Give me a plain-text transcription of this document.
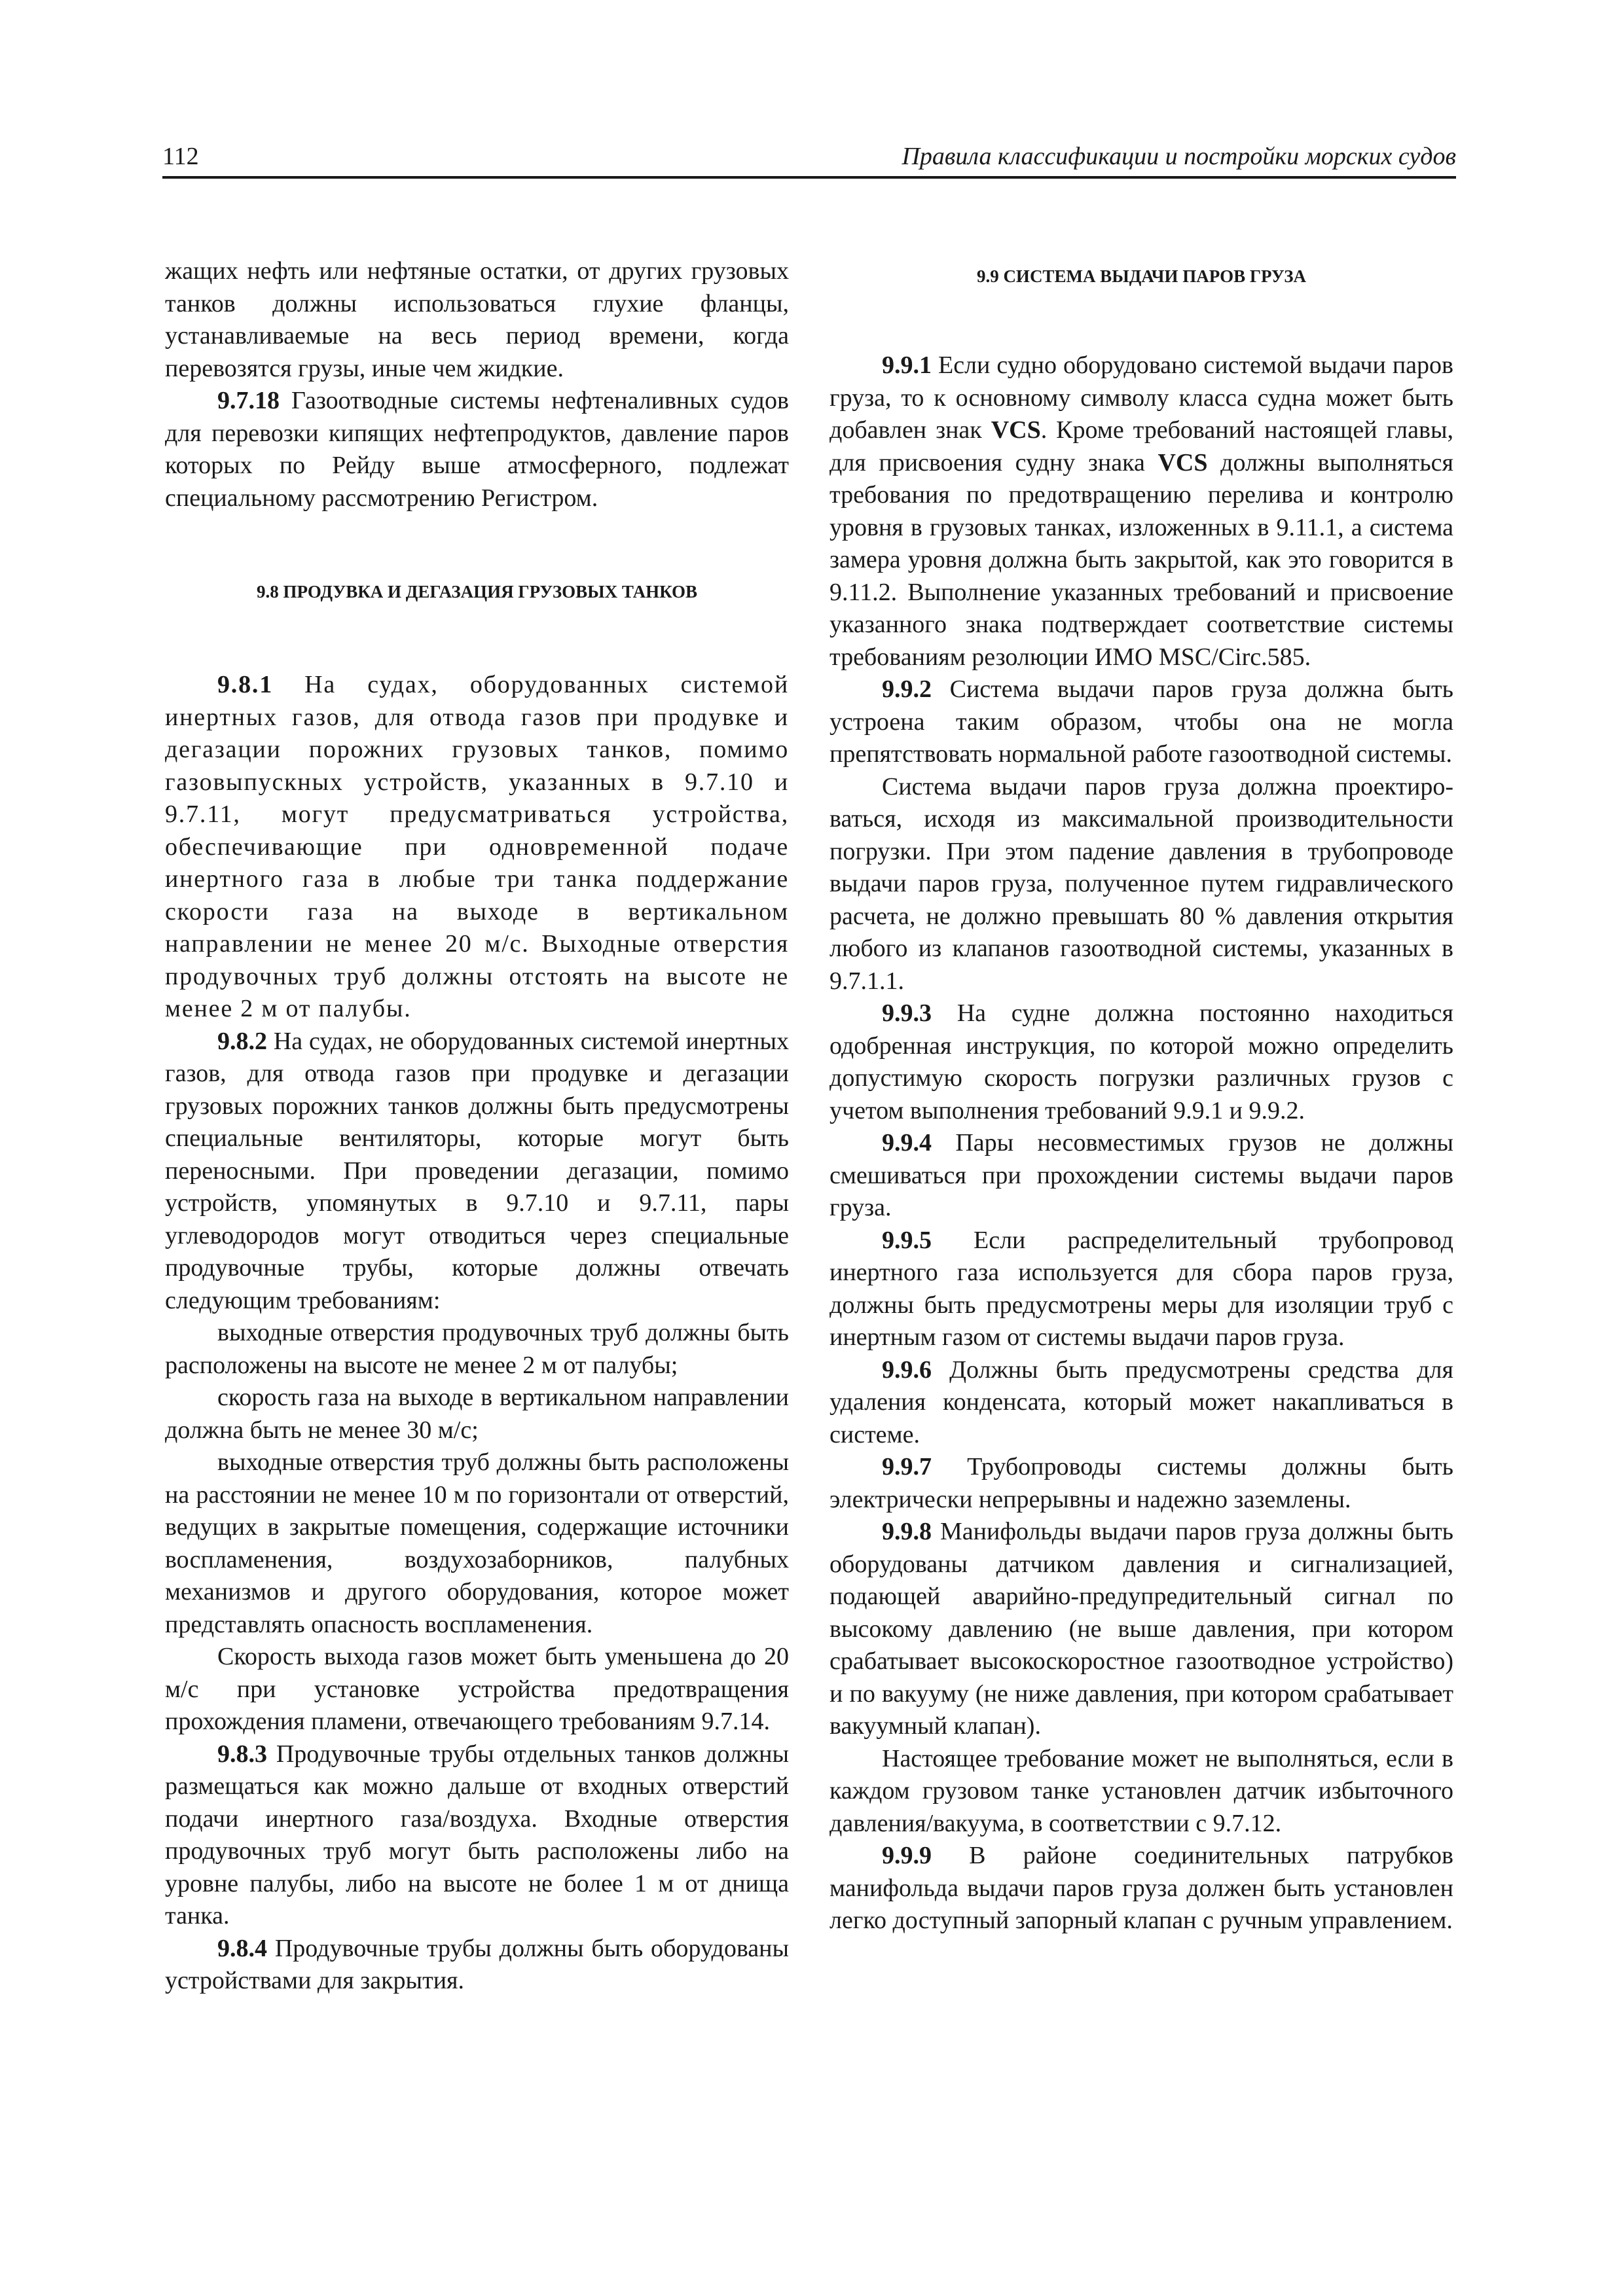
112	Правила классификации и постройки морских судов

жащих нефть или нефтяные остатки, от других грузовых танков должны использоваться глухие фланцы, устанавливаемые на весь период времени, когда перевозятся грузы, иные чем жидкие.

9.7.18 Газоотводные системы нефтеналивных судов для перевозки кипящих нефтепродуктов, давление паров которых по Рейду выше атмосферного, подлежат специальному рассмотрению Регистром.

9.8 ПРОДУВКА И ДЕГАЗАЦИЯ ГРУЗОВЫХ ТАНКОВ

9.8.1 На судах, оборудованных системой инертных газов, для отвода газов при продувке и дегазации порожних грузовых танков, помимо газовыпускных устройств, указанных в 9.7.10 и 9.7.11, могут предусматриваться устройства, обеспечивающие при одновременной подаче инертного газа в любые три танка поддержание скорости газа на выходе в вертикальном направлении не менее 20 м/с. Выходные отверстия продувочных труб должны отстоять на высоте не менее 2 м от палубы.

9.8.2 На судах, не оборудованных системой инертных газов, для отвода газов при продувке и дегазации грузовых порожних танков должны быть предусмотрены специальные вентиляторы, которые могут быть переносными. При проведении дегазации, помимо устройств, упомянутых в 9.7.10 и 9.7.11, пары углеводородов могут отводиться через специальные продувочные трубы, которые должны отвечать следующим требованиям:

выходные отверстия продувочных труб должны быть расположены на высоте не менее 2 м от палубы;

скорость газа на выходе в вертикальном направлении должна быть не менее 30 м/с;

выходные отверстия труб должны быть расположены на расстоянии не менее 10 м по горизонтали от отверстий, ведущих в закрытые помещения, содержащие источники воспламенения, воздухозаборников, палубных механизмов и другого оборудования, которое может представлять опасность воспламенения.

Скорость выхода газов может быть уменьшена до 20 м/с при установке устройства предотвращения прохождения пламени, отвечающего требованиям 9.7.14.

9.8.3 Продувочные трубы отдельных танков должны размещаться как можно дальше от входных отверстий подачи инертного газа/воздуха. Входные отверстия продувочных труб могут быть расположены либо на уровне палубы, либо на высоте не более 1 м от днища танка.

9.8.4 Продувочные трубы должны быть оборудованы устройствами для закрытия.

9.9 СИСТЕМА ВЫДАЧИ ПАРОВ ГРУЗА

9.9.1 Если судно оборудовано системой выдачи паров груза, то к основному символу класса судна может быть добавлен знак VCS. Кроме требований настоящей главы, для присвоения судну знака VCS должны выполняться требования по предотвращению перелива и контролю уровня в грузовых танках, изложенных в 9.11.1, а система замера уровня должна быть закрытой, как это говорится в 9.11.2. Выполнение указанных требований и присвоение указанного знака подтверждает соответствие системы требованиям резолюции ИМО MSC/Circ.585.

9.9.2 Система выдачи паров груза должна быть устроена таким образом, чтобы она не могла препятствовать нормальной работе газоотводной системы.

Система выдачи паров груза должна проектироваться, исходя из максимальной производительности погрузки. При этом падение давления в трубопроводе выдачи паров груза, полученное путем гидравлического расчета, не должно превышать 80 % давления открытия любого из клапанов газоотводной системы, указанных в 9.7.1.1.

9.9.3 На судне должна постоянно находиться одобренная инструкция, по которой можно определить допустимую скорость погрузки различных грузов с учетом выполнения требований 9.9.1 и 9.9.2.

9.9.4 Пары несовместимых грузов не должны смешиваться при прохождении системы выдачи паров груза.

9.9.5 Если распределительный трубопровод инертного газа используется для сбора паров груза, должны быть предусмотрены меры для изоляции труб с инертным газом от системы выдачи паров груза.

9.9.6 Должны быть предусмотрены средства для удаления конденсата, который может накапливаться в системе.

9.9.7 Трубопроводы системы должны быть электрически непрерывны и надежно заземлены.

9.9.8 Манифольды выдачи паров груза должны быть оборудованы датчиком давления и сигнализацией, подающей аварийно-предупредительный сигнал по высокому давлению (не выше давления, при котором срабатывает высокоскоростное газоотводное устройство) и по вакууму (не ниже давления, при котором срабатывает вакуумный клапан).

Настоящее требование может не выполняться, если в каждом грузовом танке установлен датчик избыточного давления/вакуума, в соответствии с 9.7.12.

9.9.9 В районе соединительных патрубков манифольда выдачи паров груза должен быть установлен легко доступный запорный клапан с ручным управлением.
